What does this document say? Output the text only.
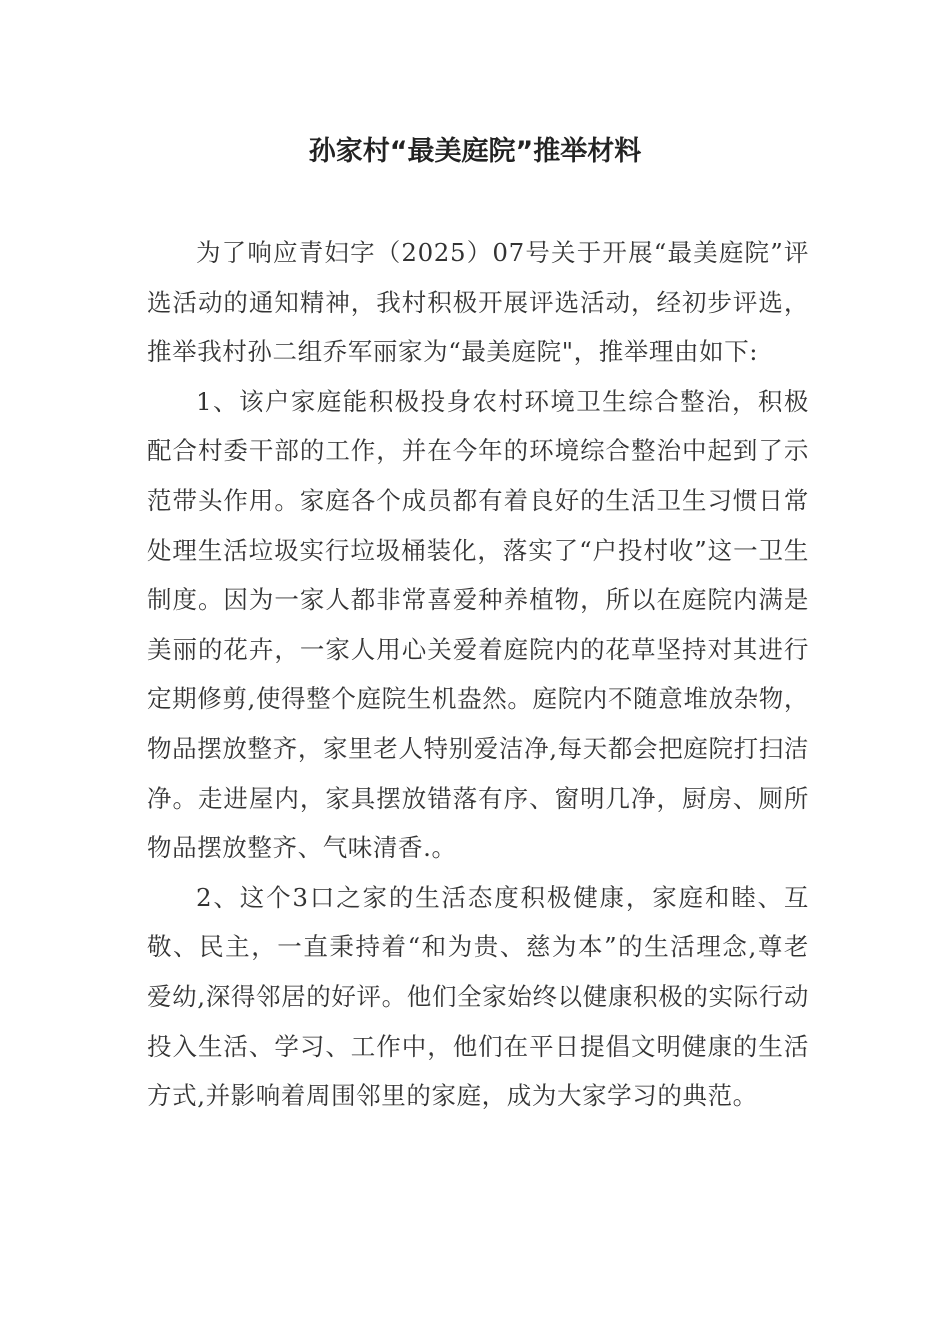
孙家村“最美庭院”推举材料

为了响应青妇字（2025）07号关于开展“最美庭院”评选活动的通知精神，我村积极开展评选活动，经初步评选，推举我村孙二组乔军丽家为“最美庭院"，推举理由如下:

1、该户家庭能积极投身农村环境卫生综合整治，积极配合村委干部的工作，并在今年的环境综合整治中起到了示范带头作用。家庭各个成员都有着良好的生活卫生习惯日常处理生活垃圾实行垃圾桶装化，落实了“户投村收”这一卫生制度。因为一家人都非常喜爱种养植物，所以在庭院内满是美丽的花卉，一家人用心关爱着庭院内的花草坚持对其进行定期修剪,使得整个庭院生机盎然。庭院内不随意堆放杂物，物品摆放整齐，家里老人特别爱洁净,每天都会把庭院打扫洁净。走进屋内，家具摆放错落有序、窗明几净，厨房、厕所物品摆放整齐、气味清香.。

2、这个3口之家的生活态度积极健康，家庭和睦、互敬、民主，一直秉持着“和为贵、慈为本”的生活理念,尊老爱幼,深得邻居的好评。他们全家始终以健康积极的实际行动投入生活、学习、工作中，他们在平日提倡文明健康的生活方式,并影响着周围邻里的家庭，成为大家学习的典范。
